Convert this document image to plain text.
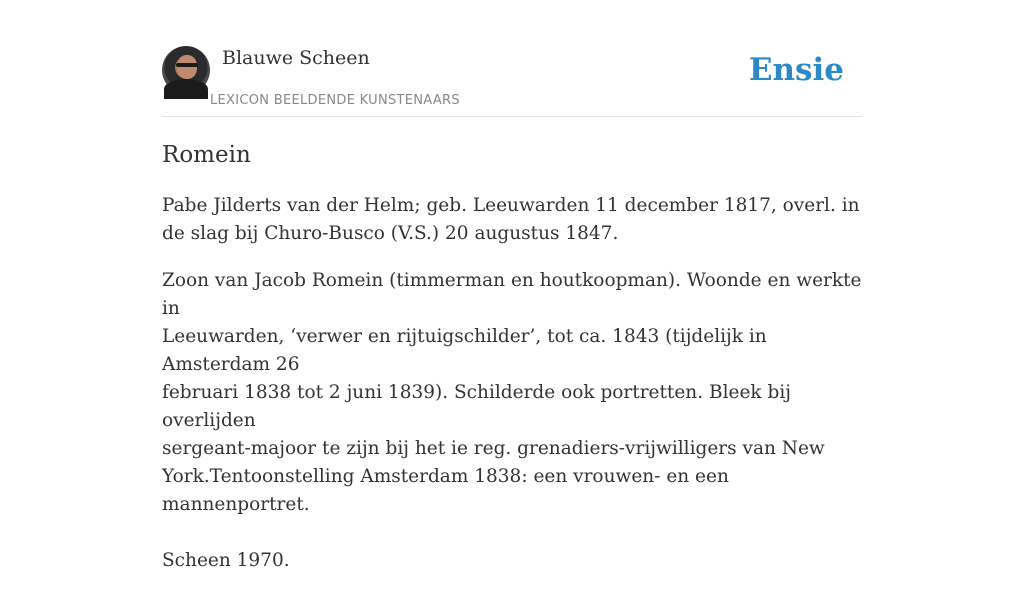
Blauwe Scheen
LEXICON BEELDENDE KUNSTENAARS
Ensie
Romein

Pabe Jilderts van der Helm; geb. Leeuwarden 11 december 1817, overl. in de slag bij Churo-Busco (V.S.) 20 augustus 1847.

Zoon van Jacob Romein (timmerman en houtkoopman). Woonde en werkte in
Leeuwarden, ‘verwer en rijtuigschilder’, tot ca. 1843 (tijdelijk in Amsterdam 26
februari 1838 tot 2 juni 1839). Schilderde ook portretten. Bleek bij overlijden
sergeant-majoor te zijn bij het ie reg. grenadiers-vrijwilligers van New
York.Tentoonstelling Amsterdam 1838: een vrouwen- en een mannenportret.

Scheen 1970.
